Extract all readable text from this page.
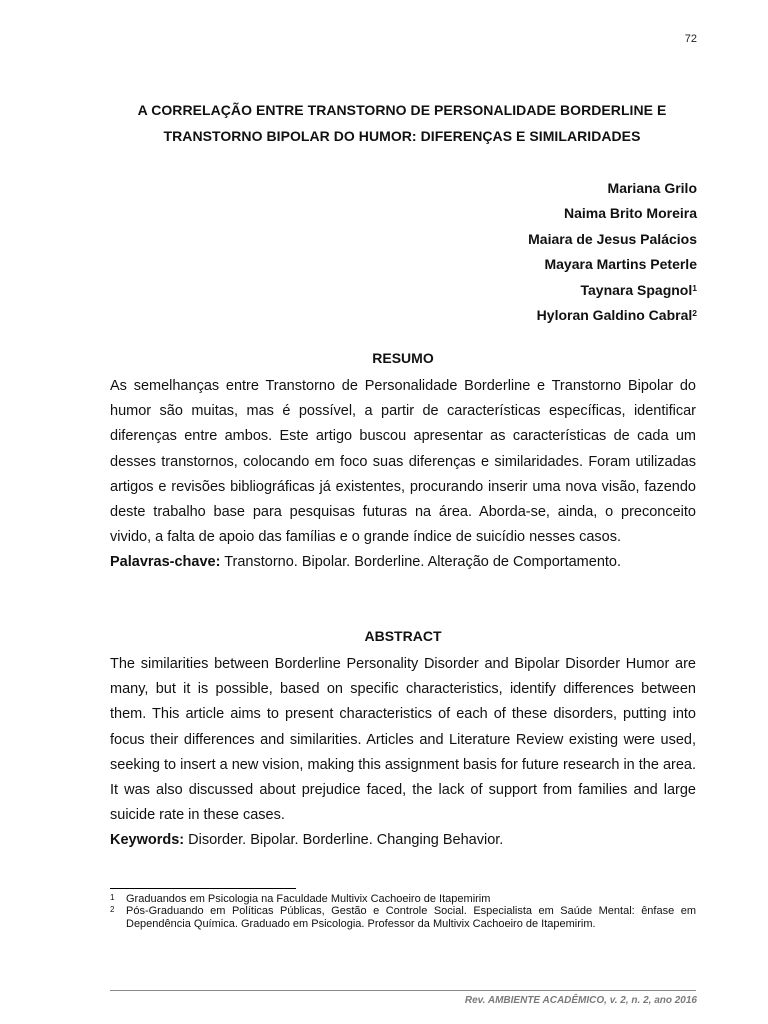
72
A CORRELAÇÃO ENTRE TRANSTORNO DE PERSONALIDADE BORDERLINE E
TRANSTORNO BIPOLAR DO HUMOR: DIFERENÇAS E SIMILARIDADES
Mariana Grilo
Naima Brito Moreira
Maiara de Jesus Palácios
Mayara Martins Peterle
Taynara Spagnol$^1$
Hyloran Galdino Cabral$^2$
RESUMO

As semelhanças entre Transtorno de Personalidade Borderline e Transtorno Bipolar do humor são muitas, mas é possível, a partir de características específicas, identificar diferenças entre ambos. Este artigo buscou apresentar as características de cada um desses transtornos, colocando em foco suas diferenças e similaridades. Foram utilizadas artigos e revisões bibliográficas já existentes, procurando inserir uma nova visão, fazendo deste trabalho base para pesquisas futuras na área. Aborda-se, ainda, o preconceito vivido, a falta de apoio das famílias e o grande índice de suicídio nesses casos.

Palavras-chave: Transtorno. Bipolar. Borderline. Alteração de Comportamento.

ABSTRACT

The similarities between Borderline Personality Disorder and Bipolar Disorder Humor are many, but it is possible, based on specific characteristics, identify differences between them. This article aims to present characteristics of each of these disorders, putting into focus their differences and similarities. Articles and Literature Review existing were used, seeking to insert a new vision, making this assignment basis for future research in the area. It was also discussed about prejudice faced, the lack of support from families and large suicide rate in these cases.

Keywords: Disorder. Bipolar. Borderline. Changing Behavior.

1	Graduandos em Psicologia na Faculdade Multivix Cachoeiro de Itapemirim
2	Pós-Graduando em Políticas Públicas, Gestão e Controle Social. Especialista em Saúde Mental: ênfase em Dependência Química. Graduado em Psicologia. Professor da Multivix Cachoeiro de Itapemirim.
Rev. AMBIENTE ACADÊMICO, v. 2, n. 2, ano 2016
